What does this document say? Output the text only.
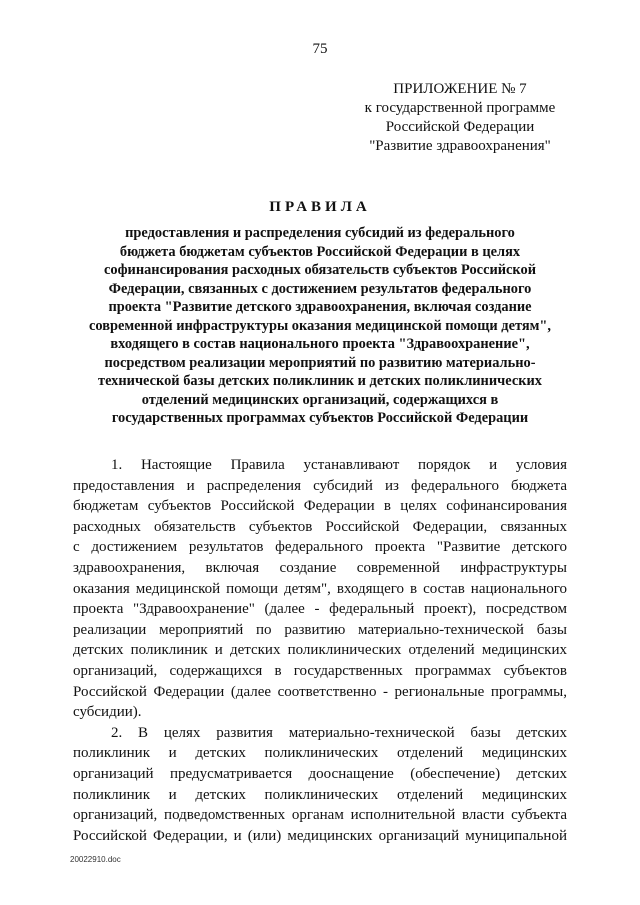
75
ПРИЛОЖЕНИЕ № 7
к государственной программе
Российской Федерации
"Развитие здравоохранения"
ПРАВИЛА
предоставления и распределения субсидий из федерального
бюджета бюджетам субъектов Российской Федерации в целях
софинансирования расходных обязательств субъектов Российской
Федерации, связанных с достижением результатов федерального
проекта "Развитие детского здравоохранения, включая создание
современной инфраструктуры оказания медицинской помощи детям",
входящего в состав национального проекта "Здравоохранение",
посредством реализации мероприятий по развитию материально-
технической базы детских поликлиник и детских поликлинических
отделений медицинских организаций, содержащихся в
государственных программах субъектов Российской Федерации
1. Настоящие Правила устанавливают порядок и условия
предоставления и распределения субсидий из федерального бюджета
бюджетам субъектов Российской Федерации в целях софинансирования
расходных обязательств субъектов Российской Федерации, связанных
с достижением результатов федерального проекта "Развитие детского
здравоохранения, включая создание современной инфраструктуры
оказания медицинской помощи детям", входящего в состав национального
проекта "Здравоохранение" (далее - федеральный проект), посредством
реализации мероприятий по развитию материально-технической базы
детских поликлиник и детских поликлинических отделений медицинских
организаций, содержащихся в государственных программах субъектов
Российской Федерации (далее соответственно - региональные программы,
субсидии).
2. В целях развития материально-технической базы детских
поликлиник и детских поликлинических отделений медицинских
организаций предусматривается дооснащение (обеспечение) детских
поликлиник и детских поликлинических отделений медицинских
организаций, подведомственных органам исполнительной власти субъекта
Российской Федерации, и (или) медицинских организаций муниципальной
20022910.doc
